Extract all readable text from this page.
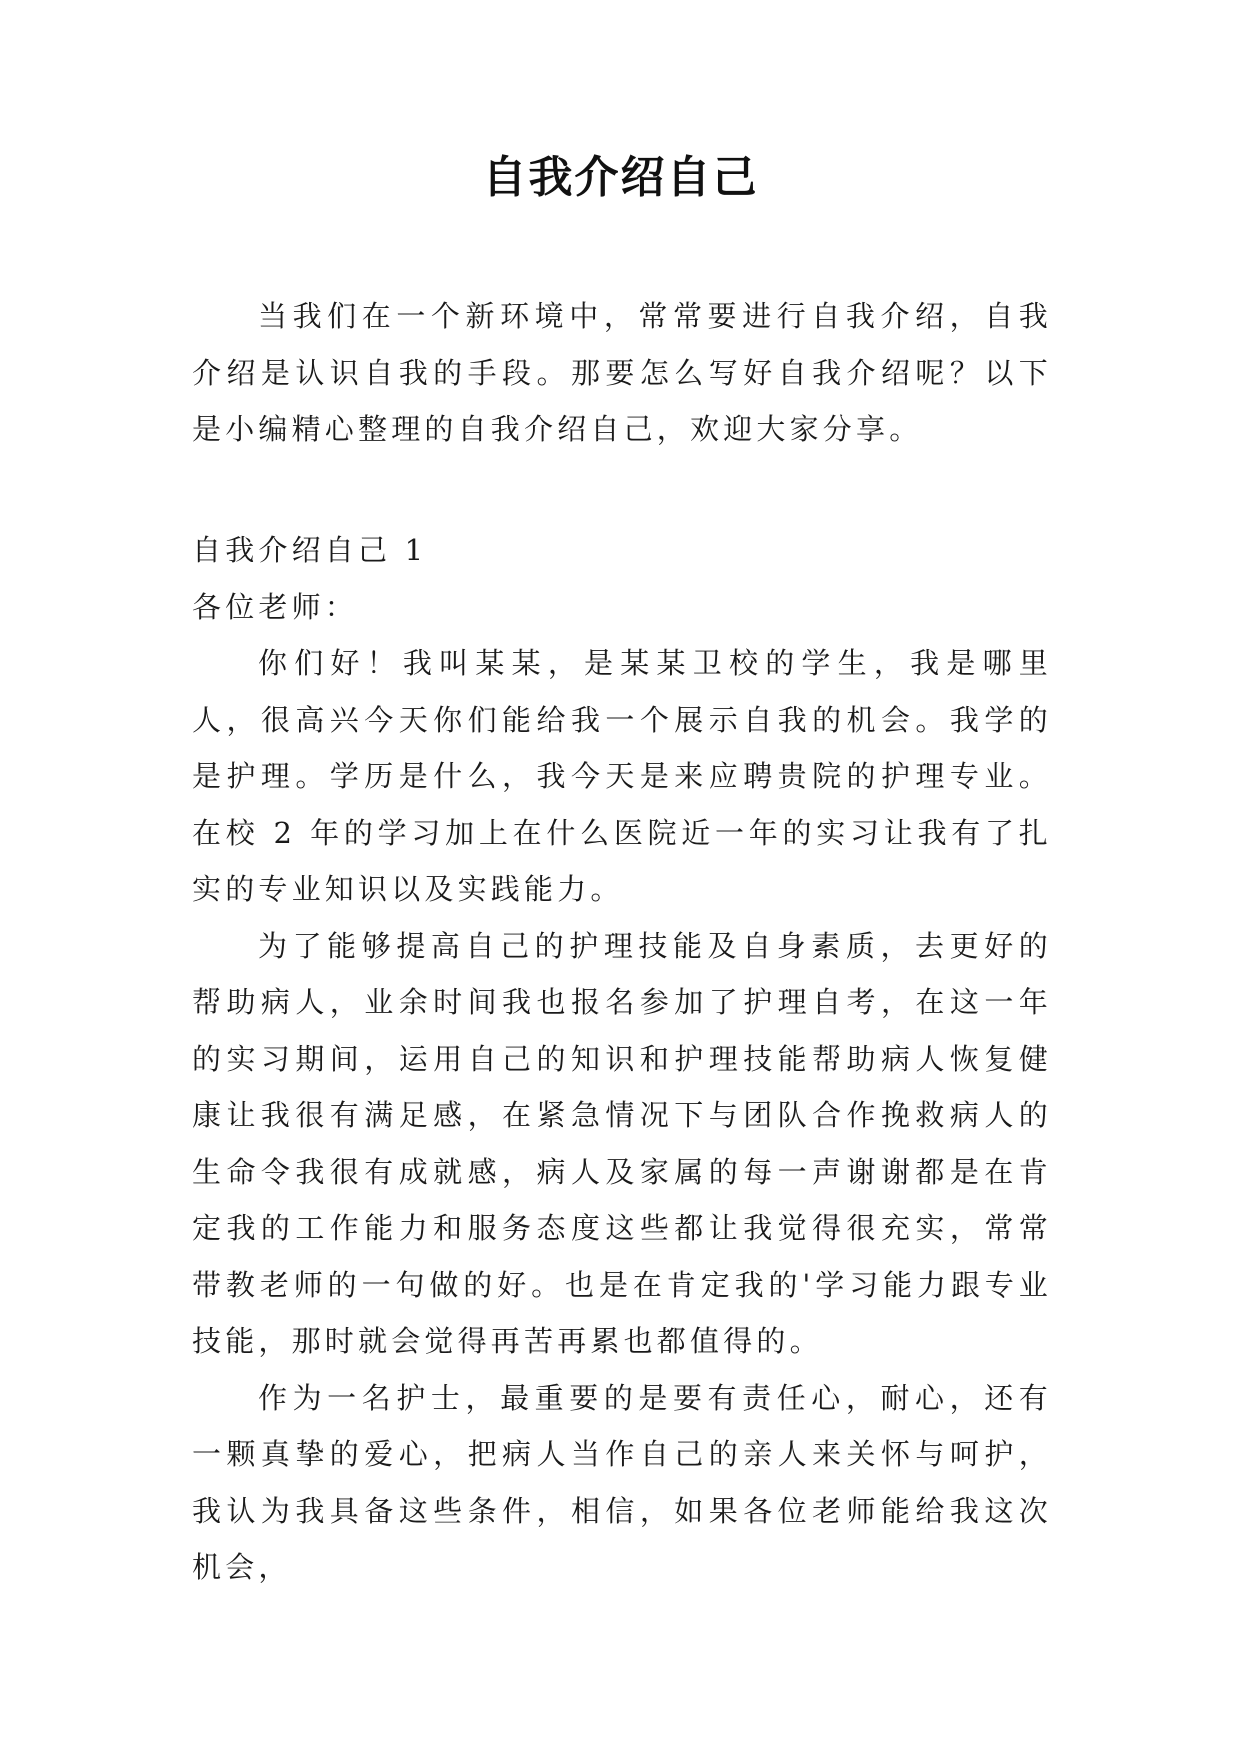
自我介绍自己

当我们在一个新环境中，常常要进行自我介绍，自我介绍是认识自我的手段。那要怎么写好自我介绍呢？以下是小编精心整理的自我介绍自己，欢迎大家分享。

自我介绍自己 1

各位老师：

你们好！我叫某某，是某某卫校的学生，我是哪里人，很高兴今天你们能给我一个展示自我的机会。我学的是护理。学历是什么，我今天是来应聘贵院的护理专业。在校 2 年的学习加上在什么医院近一年的实习让我有了扎实的专业知识以及实践能力。

为了能够提高自己的护理技能及自身素质，去更好的帮助病人，业余时间我也报名参加了护理自考，在这一年的实习期间，运用自己的知识和护理技能帮助病人恢复健康让我很有满足感，在紧急情况下与团队合作挽救病人的生命令我很有成就感，病人及家属的每一声谢谢都是在肯定我的工作能力和服务态度这些都让我觉得很充实，常常带教老师的一句做的好。也是在肯定我的'学习能力跟专业技能，那时就会觉得再苦再累也都值得的。

作为一名护士，最重要的是要有责任心，耐心，还有一颗真挚的爱心，把病人当作自己的亲人来关怀与呵护，我认为我具备这些条件，相信，如果各位老师能给我这次机会，
